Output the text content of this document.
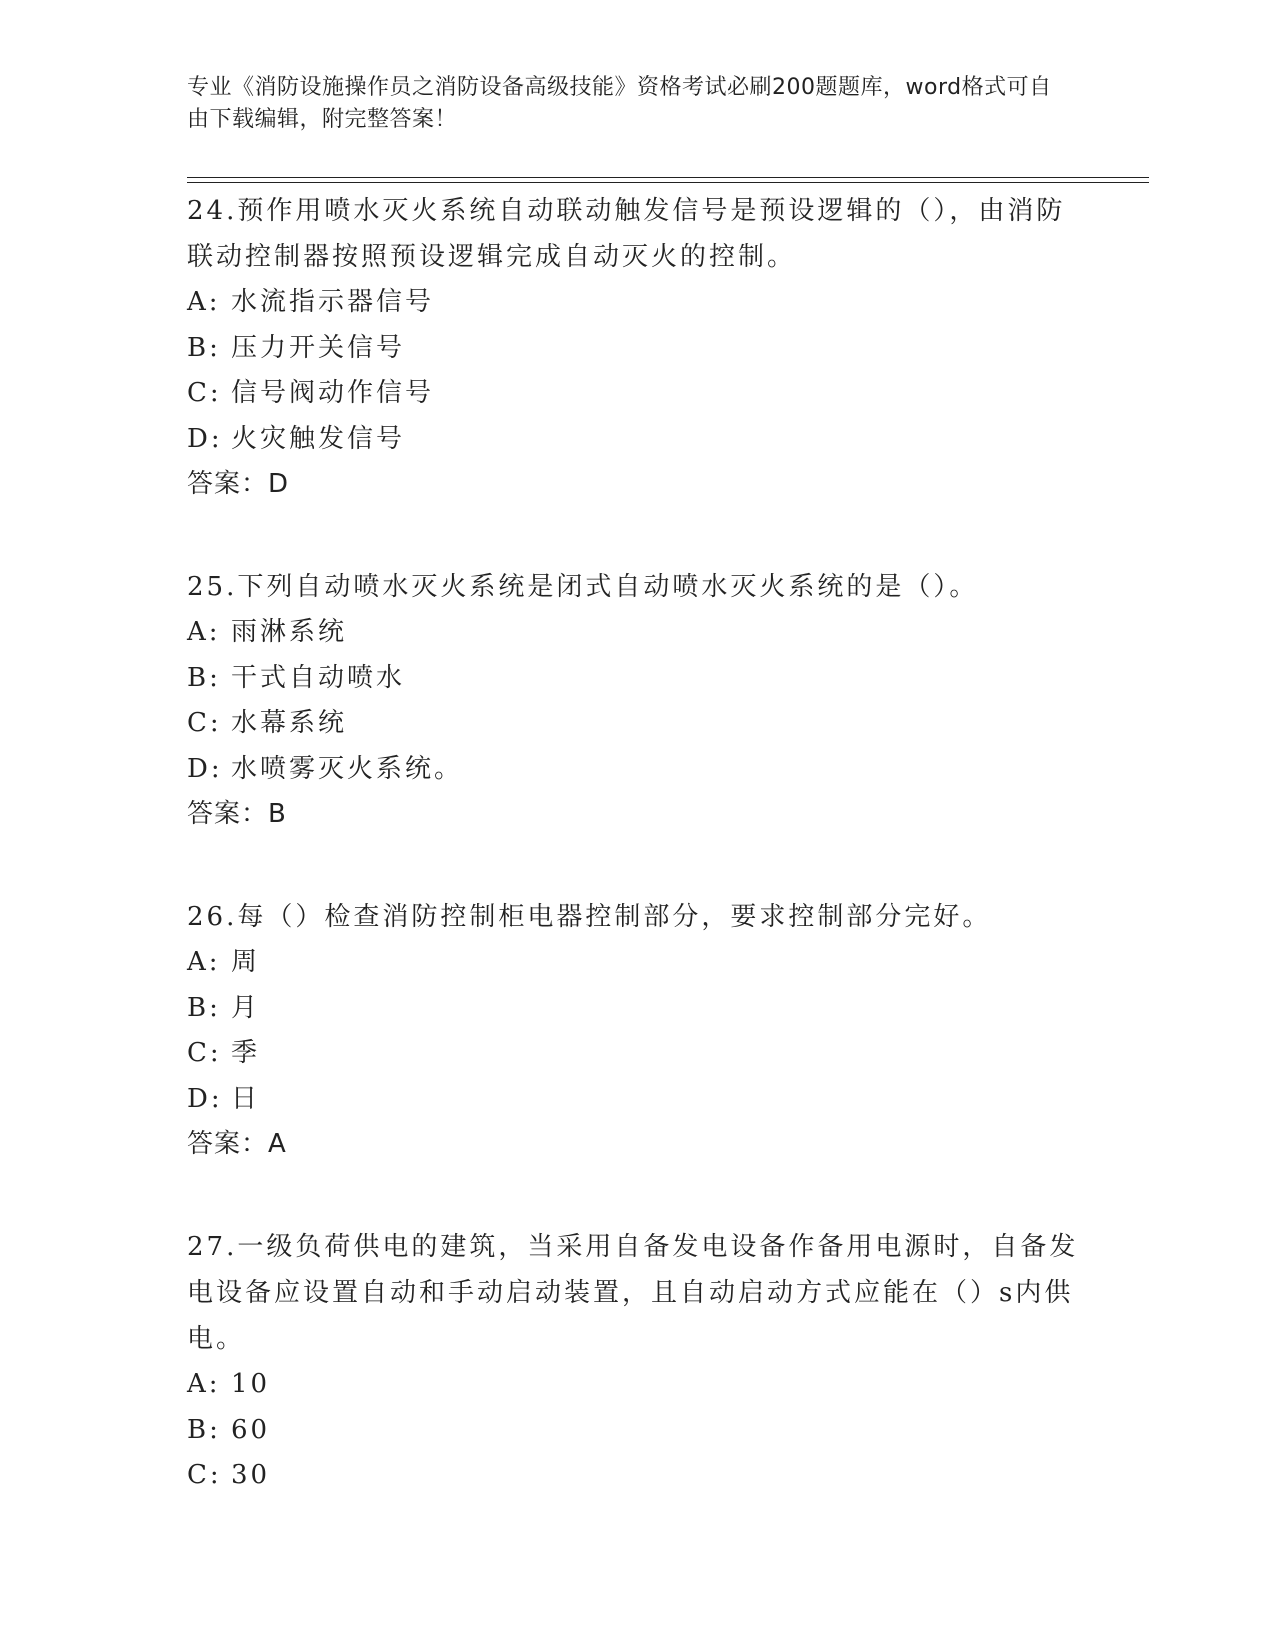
专业《消防设施操作员之消防设备高级技能》资格考试必刷200题题库，word格式可自由下载编辑，附完整答案！

24.预作用喷水灭火系统自动联动触发信号是预设逻辑的（），由消防联动控制器按照预设逻辑完成自动灭火的控制。

A: 水流指示器信号

B: 压力开关信号

C: 信号阀动作信号

D: 火灾触发信号

答案：D

25.下列自动喷水灭火系统是闭式自动喷水灭火系统的是（）。

A: 雨淋系统

B: 干式自动喷水

C: 水幕系统

D: 水喷雾灭火系统。

答案：B

26.每（）检查消防控制柜电器控制部分，要求控制部分完好。

A: 周

B: 月

C: 季

D: 日

答案：A

27.一级负荷供电的建筑，当采用自备发电设备作备用电源时，自备发电设备应设置自动和手动启动装置，且自动启动方式应能在（）s内供电。

A: 10

B: 60

C: 30
